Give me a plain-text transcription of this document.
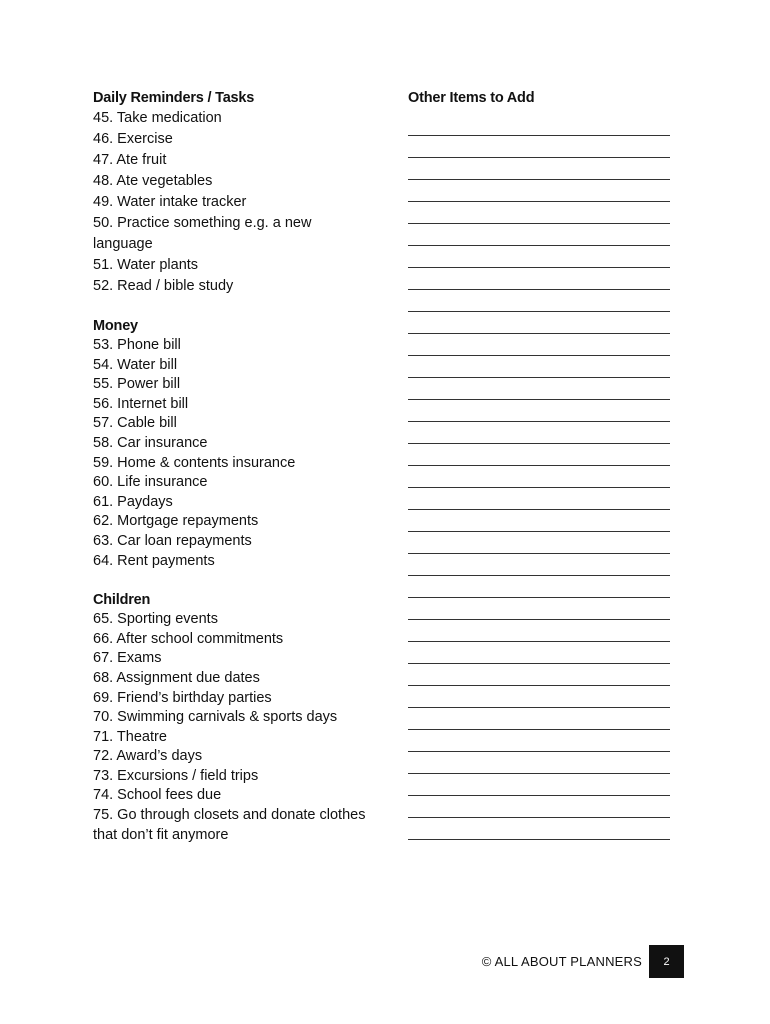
Daily Reminders / Tasks
45. Take medication
46. Exercise
47. Ate fruit
48. Ate vegetables
49. Water intake tracker
50. Practice something e.g. a new language
51. Water plants
52. Read / bible study
Money
53. Phone bill
54. Water bill
55. Power bill
56. Internet bill
57. Cable bill
58. Car insurance
59. Home & contents insurance
60. Life insurance
61. Paydays
62. Mortgage repayments
63. Car loan repayments
64. Rent payments
Children
65. Sporting events
66. After school commitments
67. Exams
68. Assignment due dates
69. Friend’s birthday parties
70. Swimming carnivals & sports days
71. Theatre
72. Award’s days
73. Excursions / field trips
74. School fees due
75. Go through closets and donate clothes that don’t fit anymore
Other Items to Add
© ALL ABOUT PLANNERS 2
